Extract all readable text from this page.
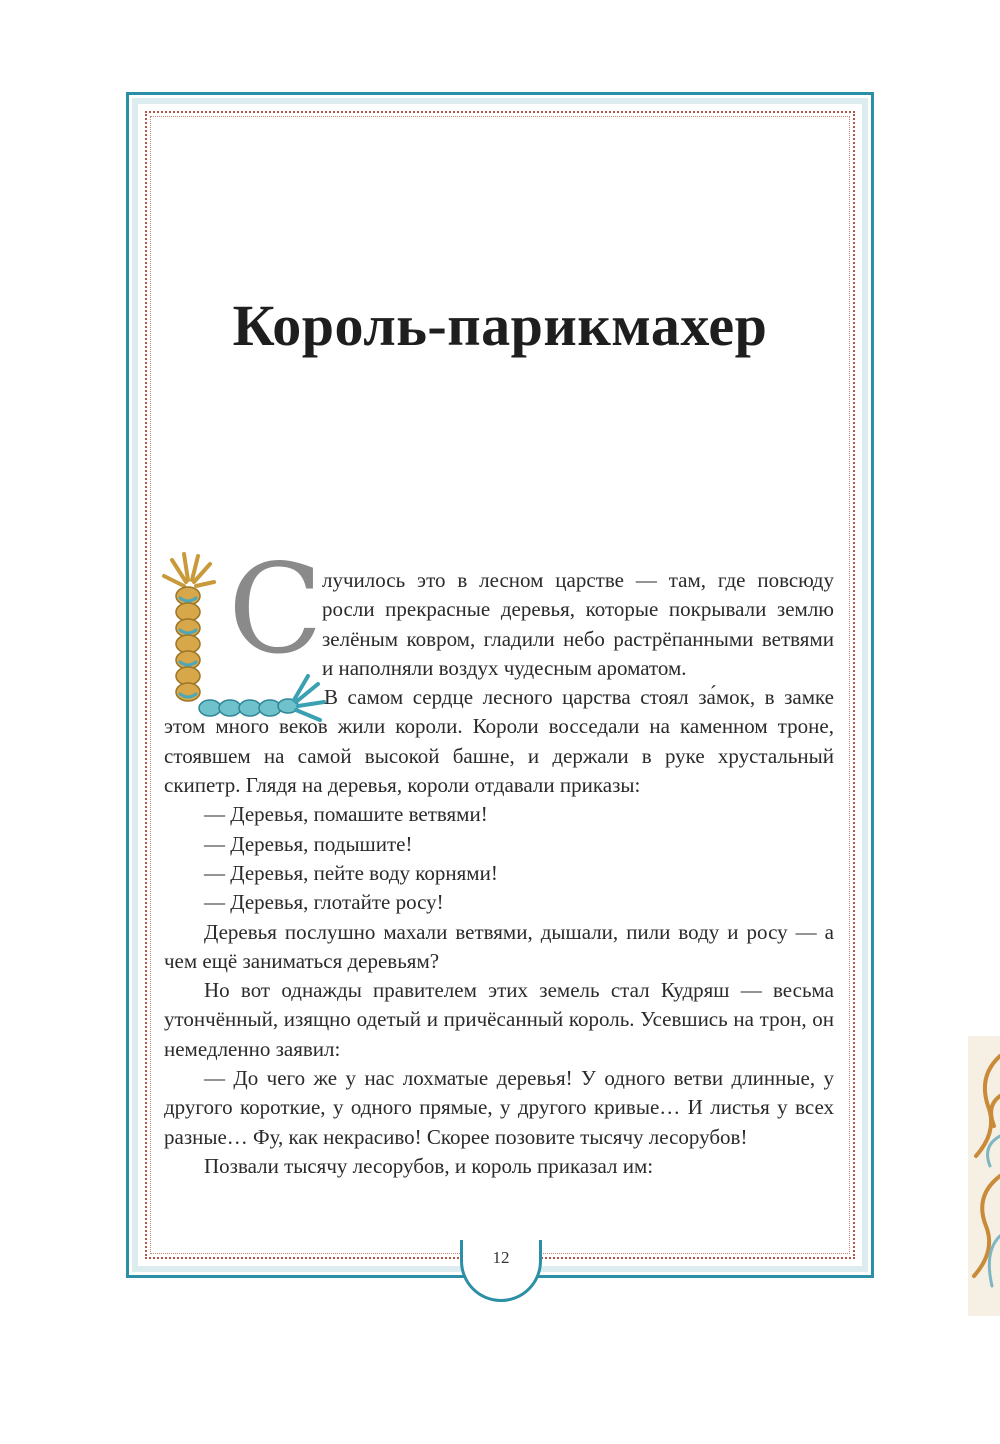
Король-парикмахер
С лучилось это в лесном царстве — там, где повсюду росли прекрасные деревья, которые покрывали землю зелёным ковром, гладили небо растрёпанными ветвями и наполняли воздух чудесным ароматом.

В самом сердце лесного царства стоял за́мок, в замке этом много веков жили короли. Короли восседали на каменном троне, стоявшем на самой высокой башне, и держали в руке хрустальный скипетр. Глядя на деревья, короли отдавали приказы:

— Деревья, помашите ветвями!

— Деревья, подышите!

— Деревья, пейте воду корнями!

— Деревья, глотайте росу!

Деревья послушно махали ветвями, дышали, пили воду и росу — а чем ещё заниматься деревьям?

Но вот однажды правителем этих земель стал Кудряш — весьма утончённый, изящно одетый и причёсанный король. Усевшись на трон, он немедленно заявил:

— До чего же у нас лохматые деревья! У одного ветви длинные, у другого короткие, у одного прямые, у другого кривые… И листья у всех разные… Фу, как некрасиво! Скорее позовите тысячу лесорубов!

Позвали тысячу лесорубов, и король приказал им:

12
